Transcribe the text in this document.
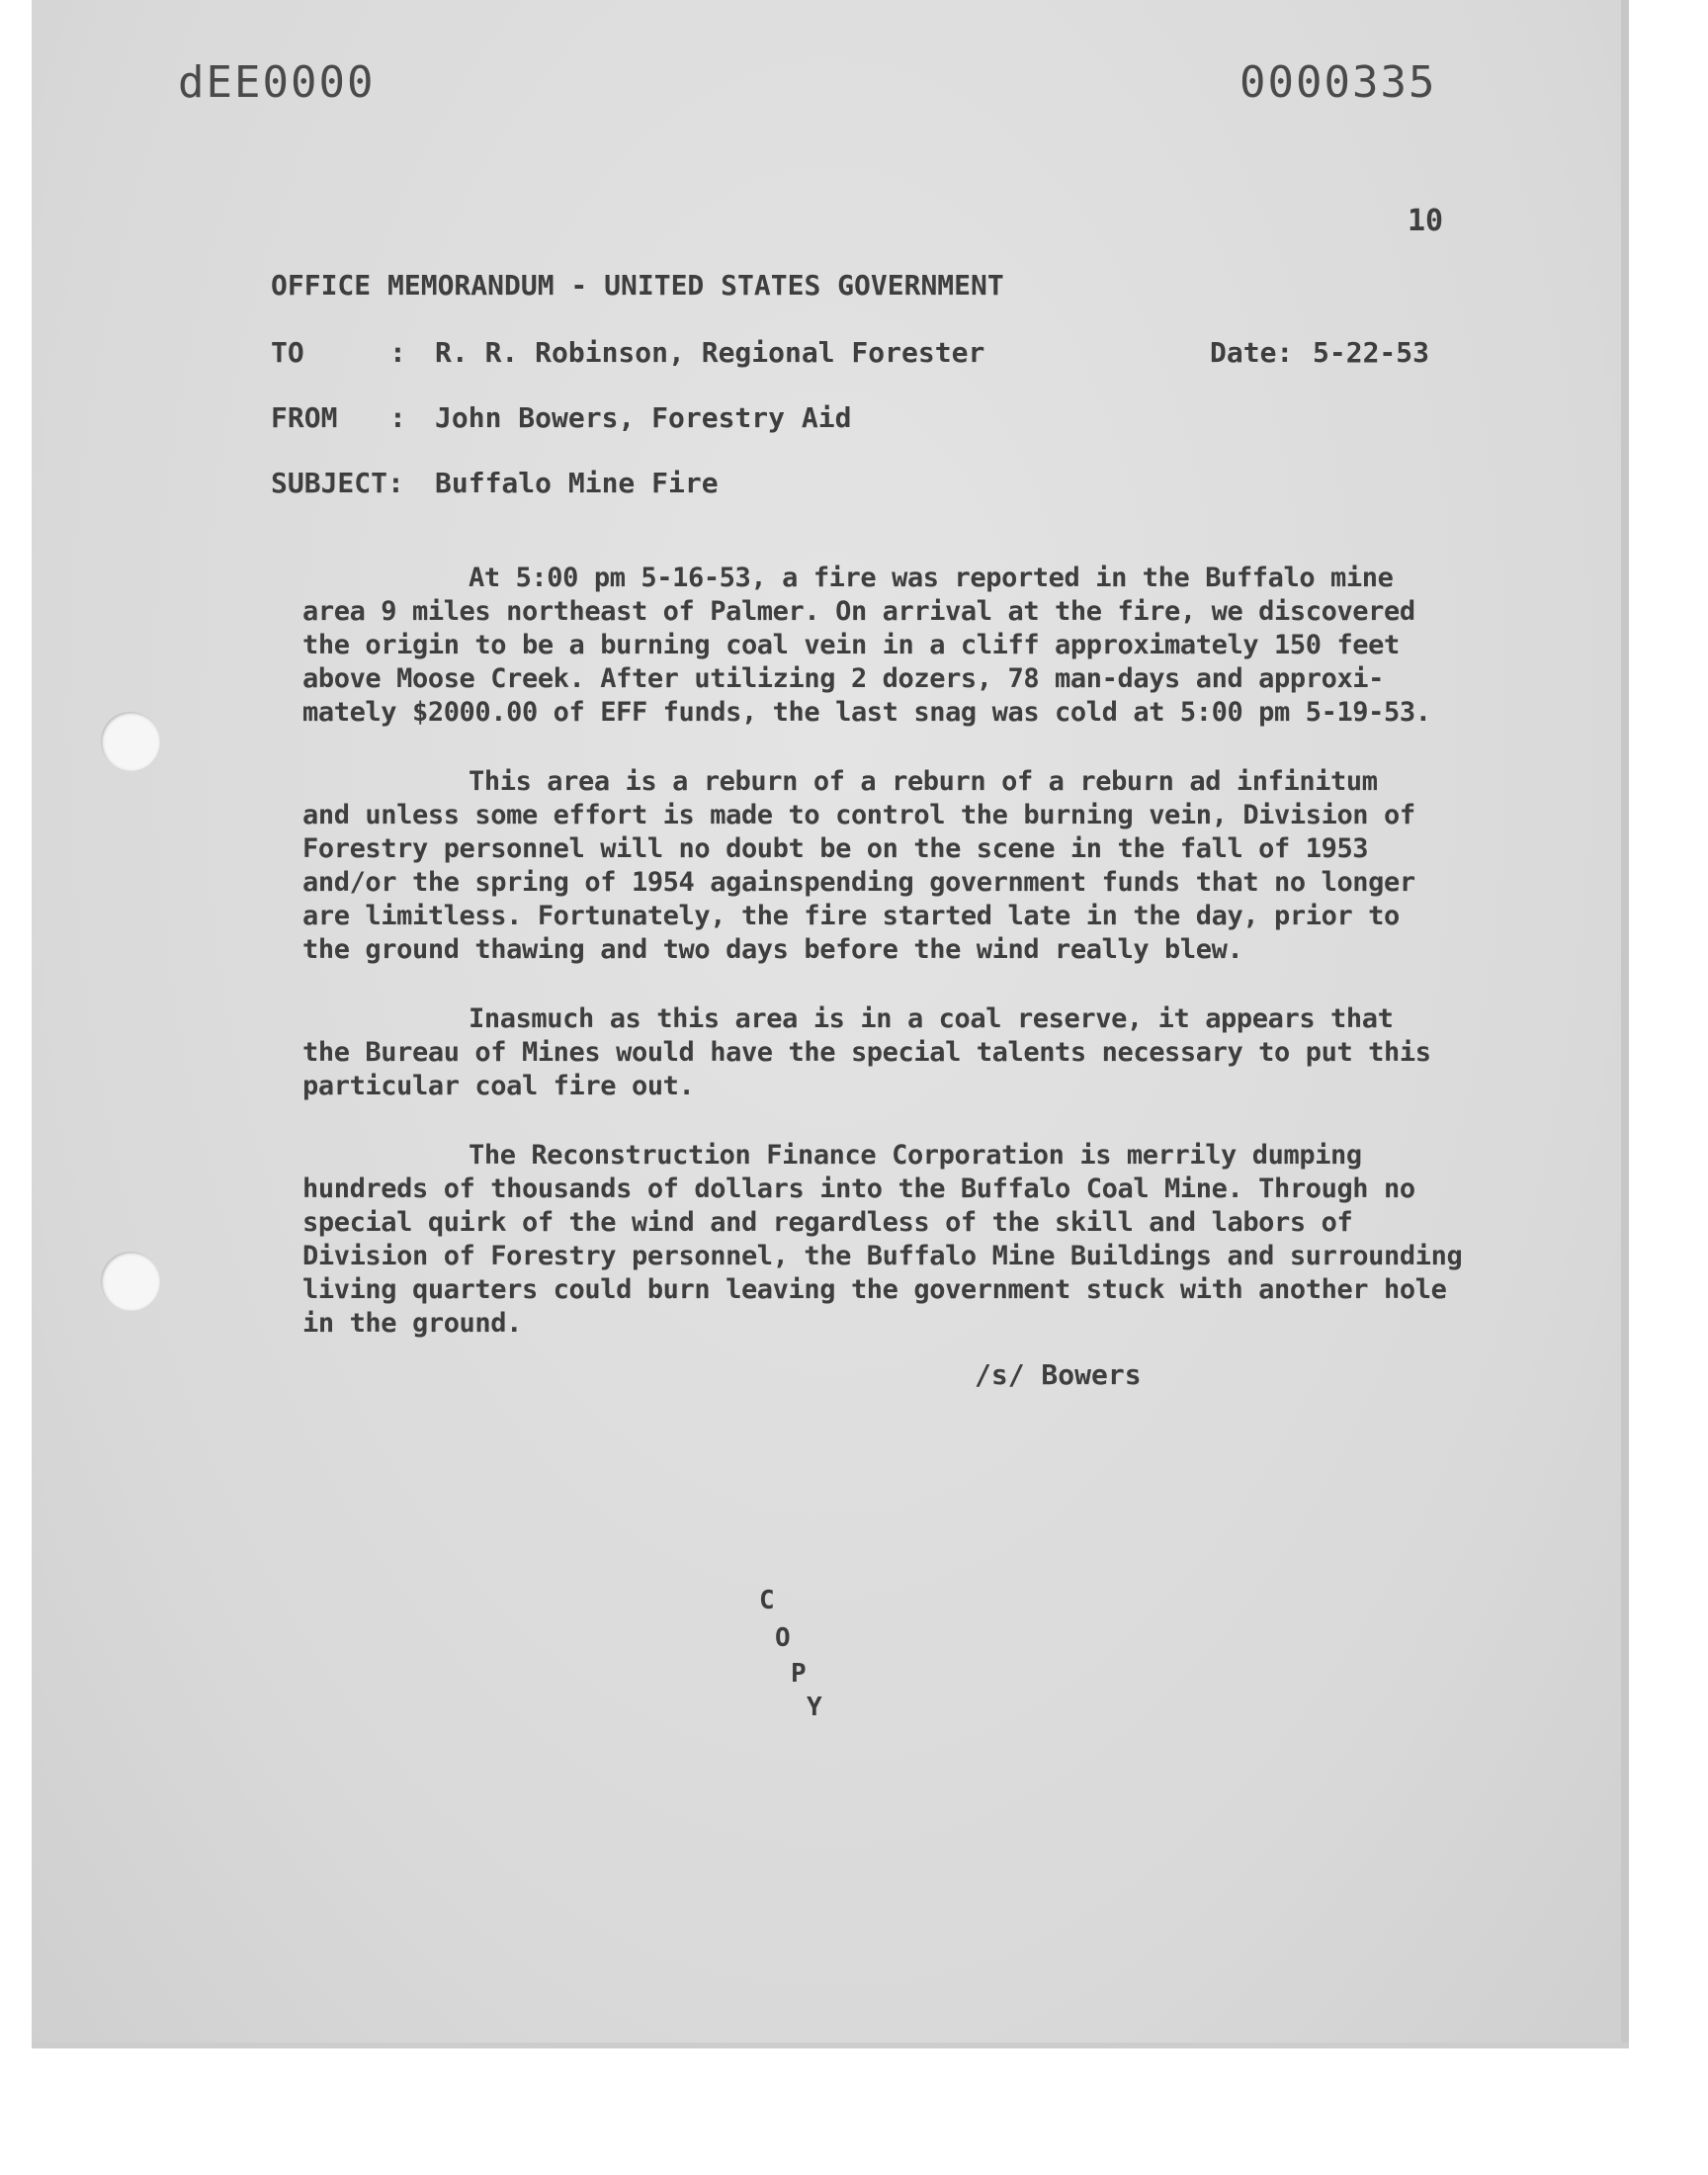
dEE0000	0000335
10
OFFICE MEMORANDUM - UNITED STATES GOVERNMENT
TO	: R. R. Robinson, Regional Forester	Date: 5-22-53
FROM : John Bowers, Forestry Aid
SUBJECT: Buffalo Mine Fire
At 5:00 pm 5-16-53, a fire was reported in the Buffalo mine
area 9 miles northeast of Palmer. On arrival at the fire, we discovered
the origin to be a burning coal vein in a cliff approximately 150 feet
above Moose Creek. After utilizing 2 dozers, 78 man-days and approxi-
mately $2000.00 of EFF funds, the last snag was cold at 5:00 pm 5-19-53.
This area is a reburn of a reburn of a reburn ad infinitum
and unless some effort is made to control the burning vein, Division of
Forestry personnel will no doubt be on the scene in the fall of 1953
and/or the spring of 1954 againspending government funds that no longer
are limitless. Fortunately, the fire started late in the day, prior to
the ground thawing and two days before the wind really blew.
Inasmuch as this area is in a coal reserve, it appears that
the Bureau of Mines would have the special talents necessary to put this
particular coal fire out.
The Reconstruction Finance Corporation is merrily dumping
hundreds of thousands of dollars into the Buffalo Coal Mine. Through no
special quirk of the wind and regardless of the skill and labors of
Division of Forestry personnel, the Buffalo Mine Buildings and surrounding
living quarters could burn leaving the government stuck with another hole
in the ground.
/s/ Bowers
C
O
P
Y
